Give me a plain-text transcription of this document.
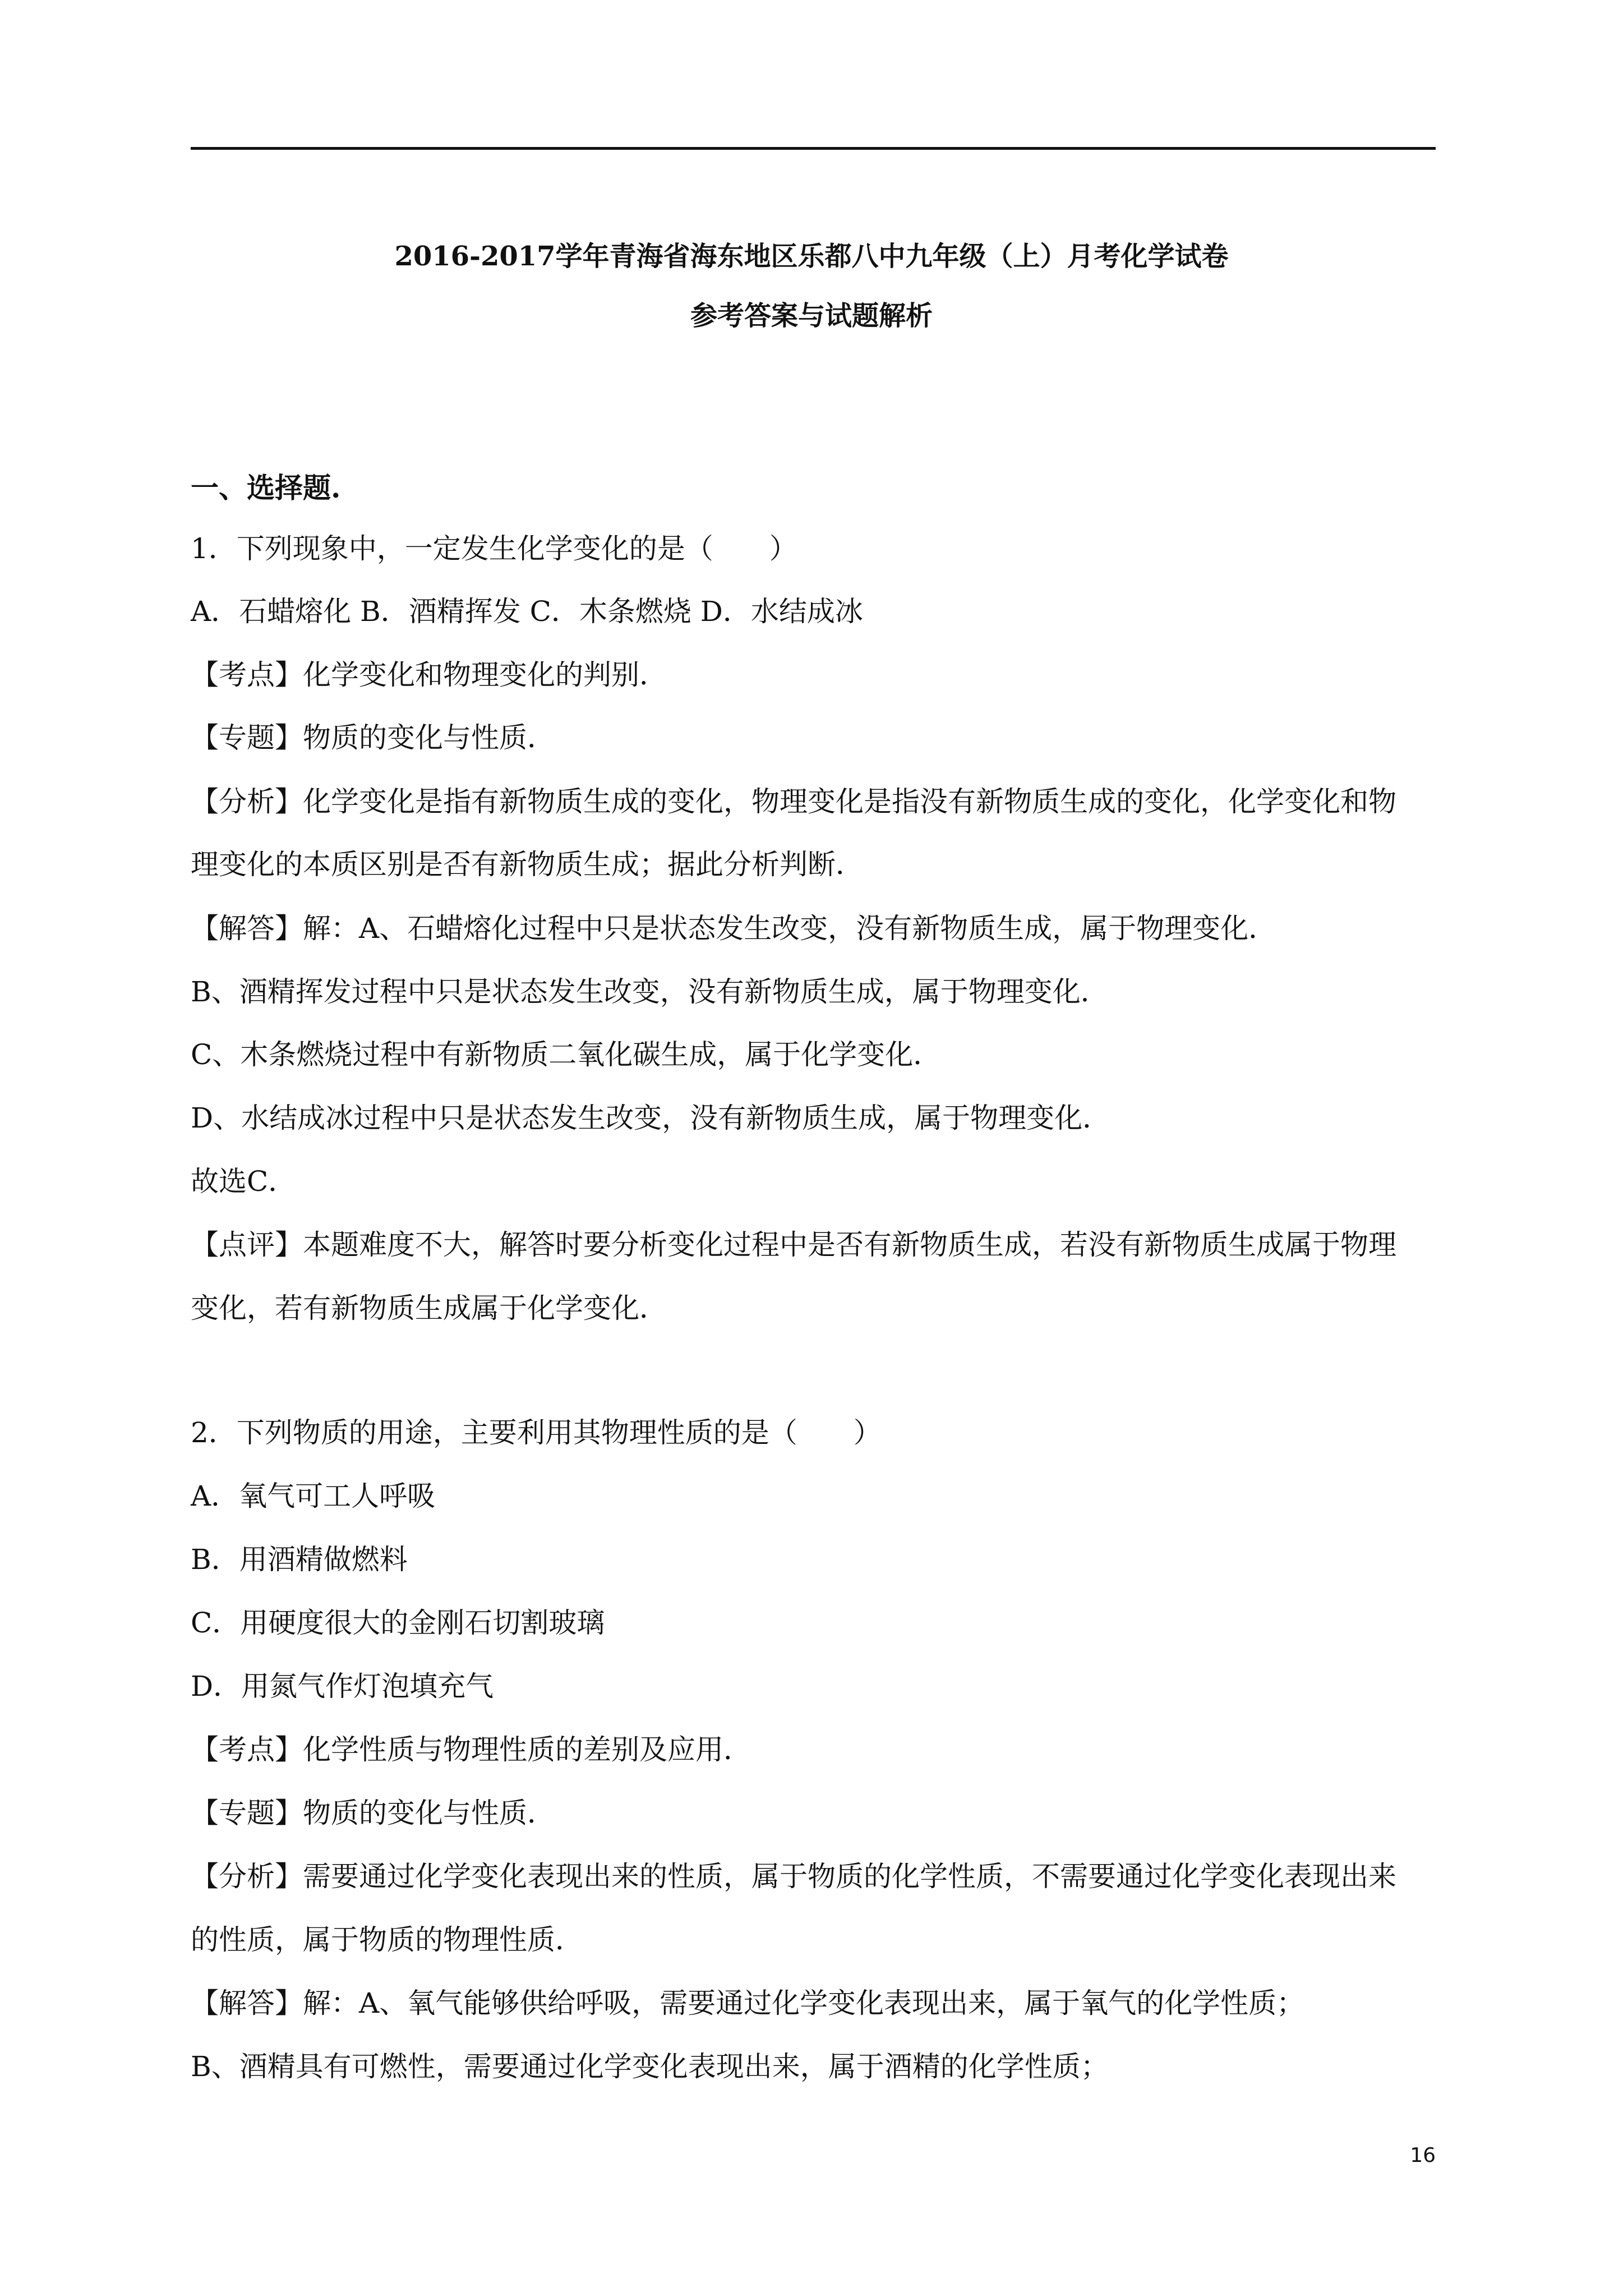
2016-2017学年青海省海东地区乐都八中九年级（上）月考化学试卷
参考答案与试题解析
一、选择题.
1．下列现象中，一定发生化学变化的是（　　）
A．石蜡熔化 B．酒精挥发 C．木条燃烧 D．水结成冰
【考点】化学变化和物理变化的判别．
【专题】物质的变化与性质．
【分析】化学变化是指有新物质生成的变化，物理变化是指没有新物质生成的变化，化学变化和物
理变化的本质区别是否有新物质生成；据此分析判断．
【解答】解：A、石蜡熔化过程中只是状态发生改变，没有新物质生成，属于物理变化．
B、酒精挥发过程中只是状态发生改变，没有新物质生成，属于物理变化．
C、木条燃烧过程中有新物质二氧化碳生成，属于化学变化．
D、水结成冰过程中只是状态发生改变，没有新物质生成，属于物理变化．
故选C．
【点评】本题难度不大，解答时要分析变化过程中是否有新物质生成，若没有新物质生成属于物理
变化，若有新物质生成属于化学变化．
2．下列物质的用途，主要利用其物理性质的是（　　）
A．氧气可工人呼吸
B．用酒精做燃料
C．用硬度很大的金刚石切割玻璃
D．用氮气作灯泡填充气
【考点】化学性质与物理性质的差别及应用．
【专题】物质的变化与性质．
【分析】需要通过化学变化表现出来的性质，属于物质的化学性质，不需要通过化学变化表现出来
的性质，属于物质的物理性质．
【解答】解：A、氧气能够供给呼吸，需要通过化学变化表现出来，属于氧气的化学性质；
B、酒精具有可燃性，需要通过化学变化表现出来，属于酒精的化学性质；
16
